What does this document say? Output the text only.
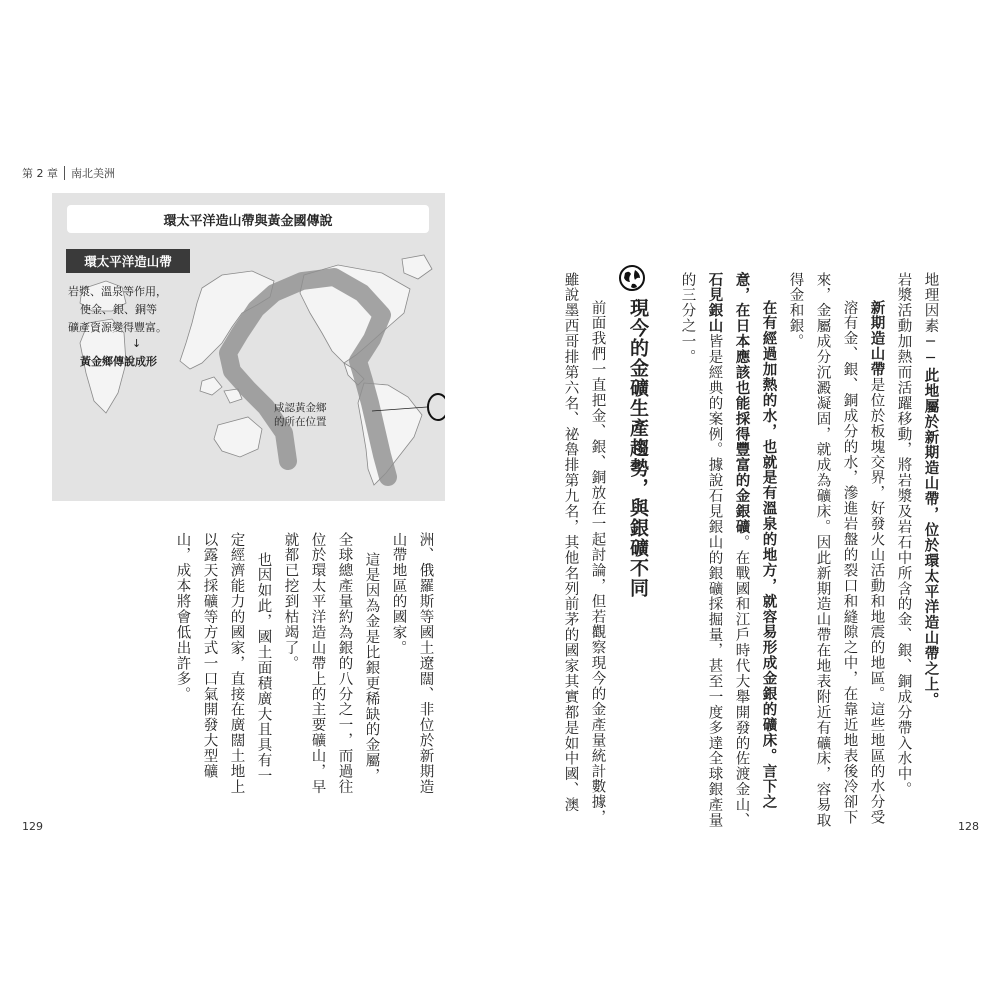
第 2 章 南北美洲
129	128
環太平洋造山帶與黃金國傳說
環太平洋造山帶
岩漿、溫泉等作用，
使金、銀、銅等
礦產資源變得豐富。
↓
黃金鄉傳說成形
咸認黃金鄉
的所在位置
地理因素──此地屬於新期造山帶，位於環太平洋造山帶之上。
岩漿活動加熱而活躍移動，將岩漿及岩石中所含的金、銀、銅成分帶入水中。
新期造山帶是位於板塊交界，好發火山活動和地震的地區。這些地區的水分受
溶有金、銀、銅成分的水，滲進岩盤的裂口和縫隙之中，在靠近地表後冷卻下
來，金屬成分沉澱凝固，就成為礦床。因此新期造山帶在地表附近有礦床，容易取
得金和銀。
在有經過加熱的水，也就是有溫泉的地方，就容易形成金銀的礦床。言下之
意，在日本應該也能採得豐富的金銀礦。在戰國和江戶時代大舉開發的佐渡金山、
石見銀山皆是經典的案例。據說石見銀山的銀礦採掘量，甚至一度多達全球銀產量
的三分之一。
現今的金礦生產趨勢，與銀礦不同
前面我們一直把金、銀、銅放在一起討論，但若觀察現今的金產量統計數據，
雖說墨西哥排第六名、祕魯排第九名，其他名列前茅的國家其實都是如中國、澳
洲、俄羅斯等國土遼闊、非位於新期造
山帶地區的國家。
這是因為金是比銀更稀缺的金屬，
全球總產量約為銀的八分之一，而過往
位於環太平洋造山帶上的主要礦山，早
就都已挖到枯竭了。
也因如此，國土面積廣大且具有一
定經濟能力的國家，直接在廣闊土地上
以露天採礦等方式一口氣開發大型礦
山，成本將會低出許多。
